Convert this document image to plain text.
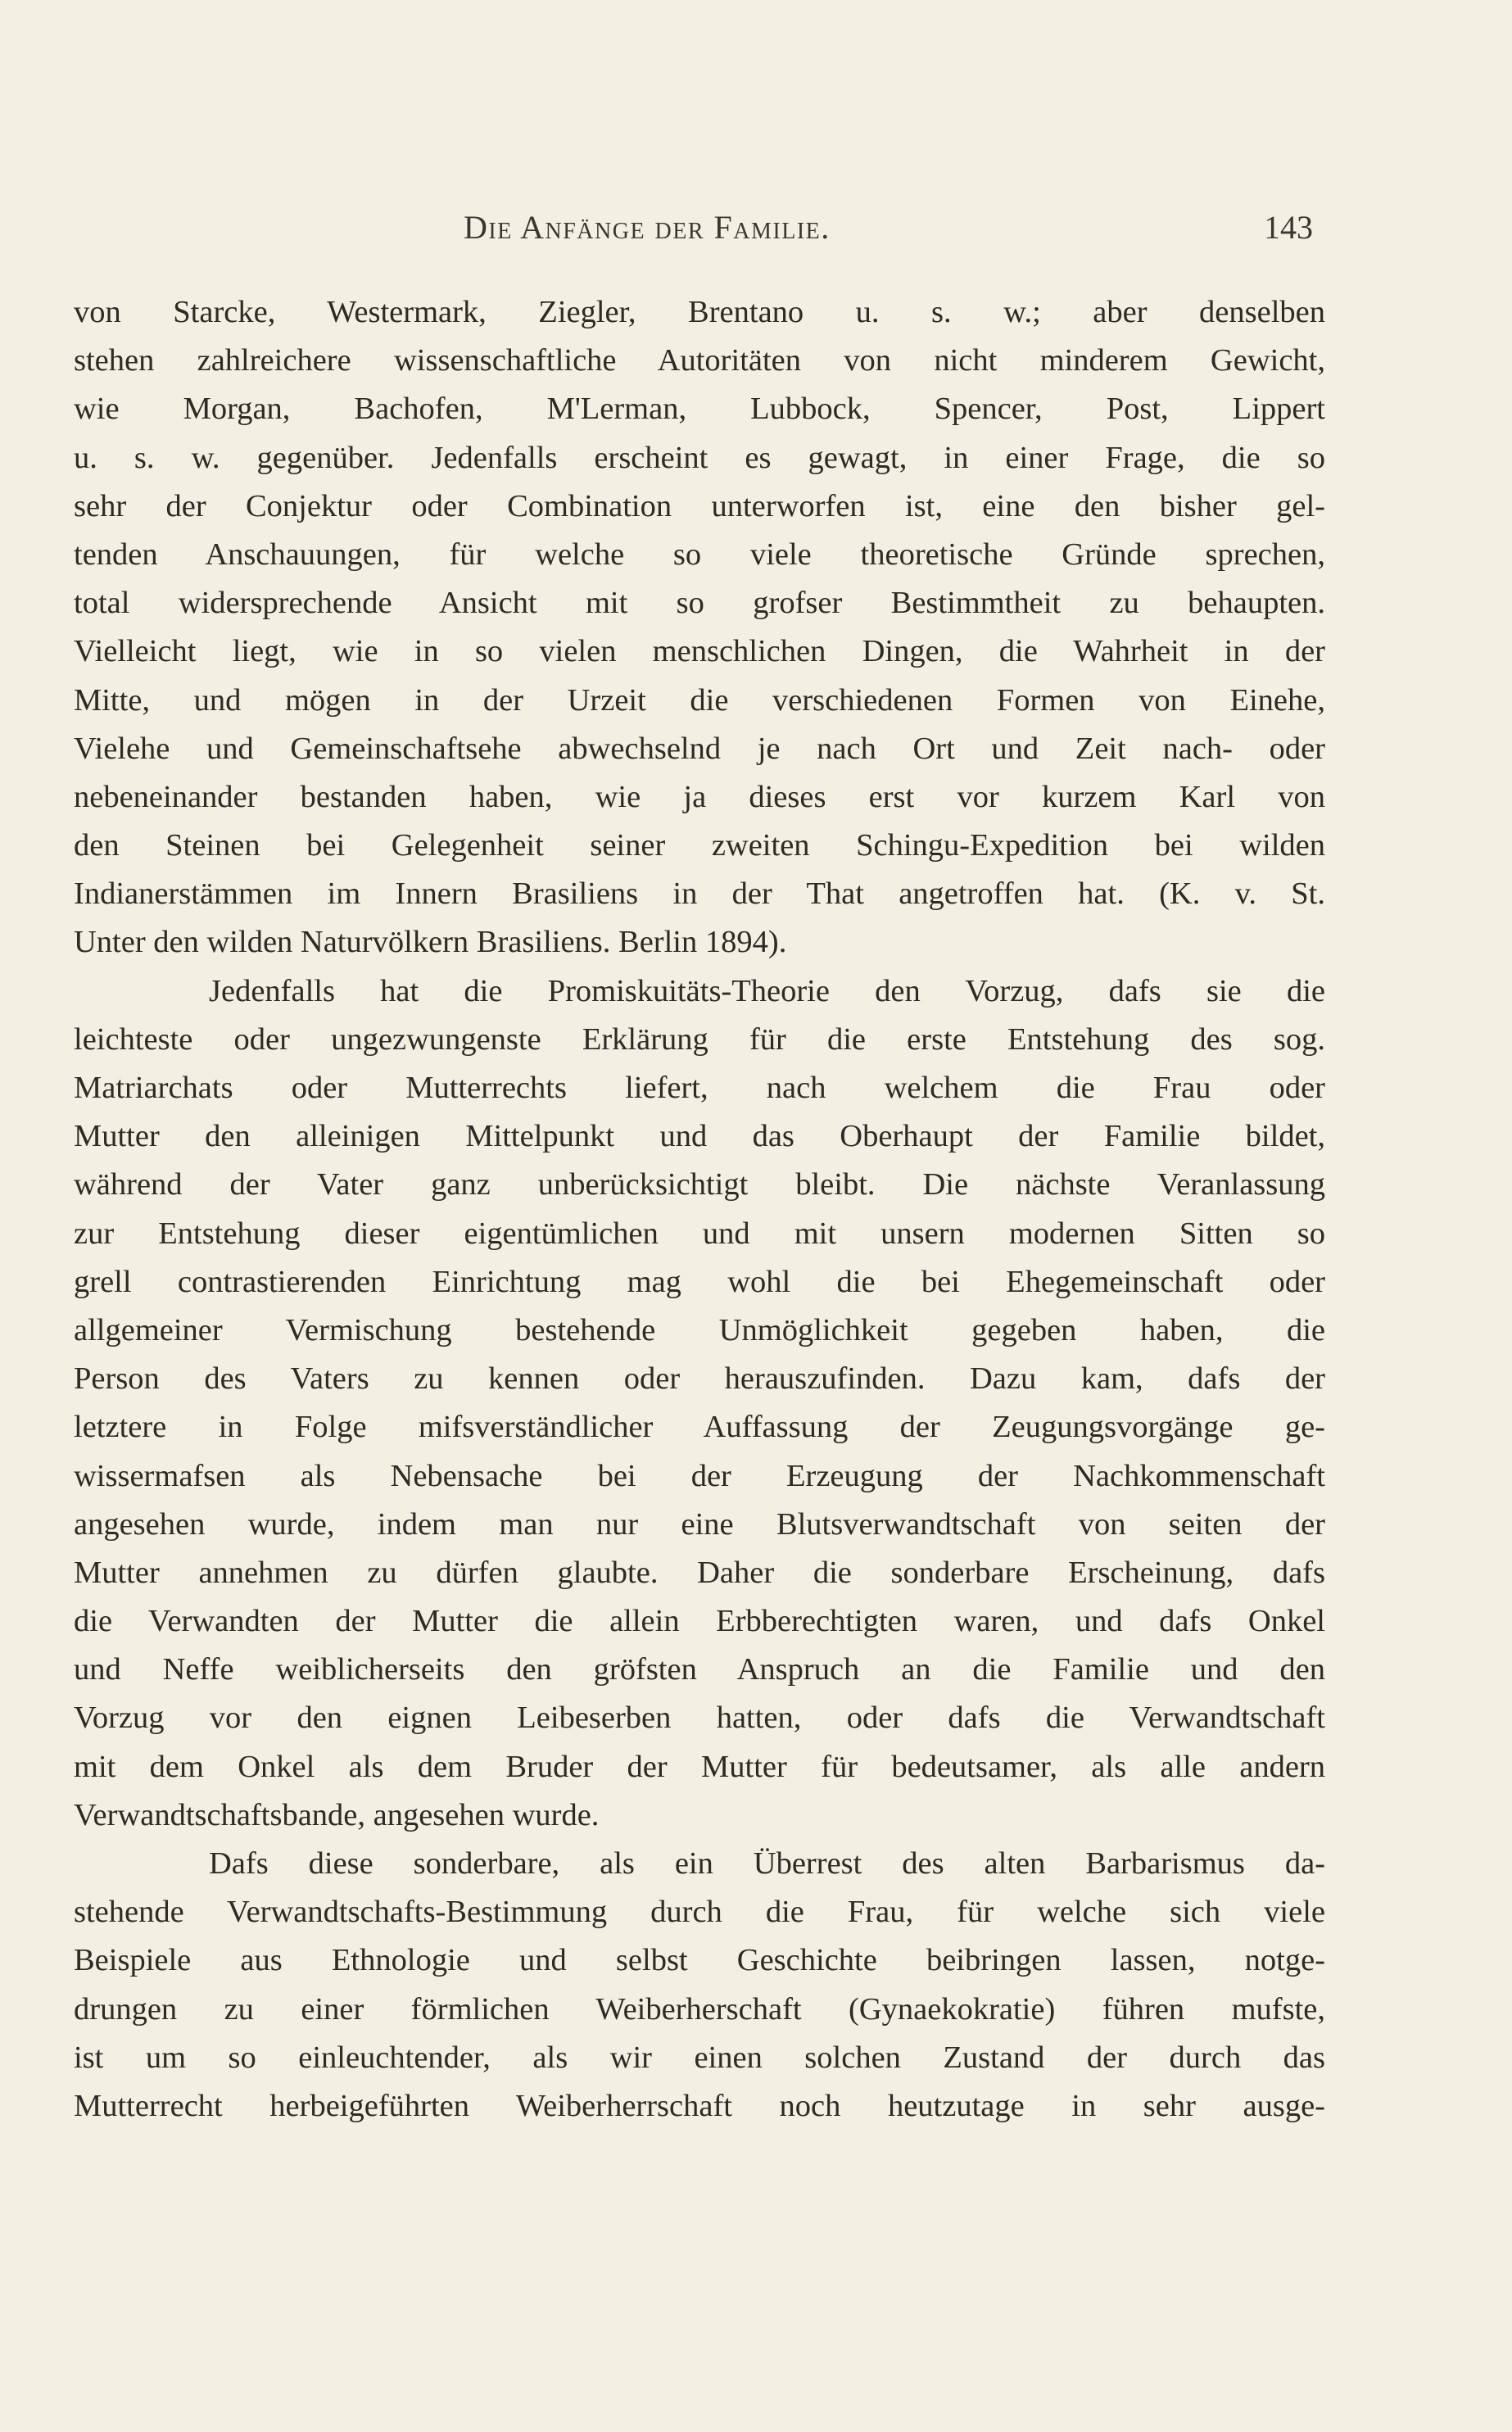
Die Anfänge der Familie.	143
von Starcke, Westermark, Ziegler, Brentano u. s. w.; aber denselben
stehen zahlreichere wissenschaftliche Autoritäten von nicht minderem Gewicht,
wie Morgan, Bachofen, M'Lerman, Lubbock, Spencer, Post, Lippert
u. s. w. gegenüber. Jedenfalls erscheint es gewagt, in einer Frage, die so
sehr der Conjektur oder Combination unterworfen ist, eine den bisher gel-
tenden Anschauungen, für welche so viele theoretische Gründe sprechen,
total widersprechende Ansicht mit so grofser Bestimmtheit zu behaupten.
Vielleicht liegt, wie in so vielen menschlichen Dingen, die Wahrheit in der
Mitte, und mögen in der Urzeit die verschiedenen Formen von Einehe,
Vielehe und Gemeinschaftsehe abwechselnd je nach Ort und Zeit nach- oder
nebeneinander bestanden haben, wie ja dieses erst vor kurzem Karl von
den Steinen bei Gelegenheit seiner zweiten Schingu-Expedition bei wilden
Indianerstämmen im Innern Brasiliens in der That angetroffen hat. (K. v. St.
Unter den wilden Naturvölkern Brasiliens. Berlin 1894).
Jedenfalls hat die Promiskuitäts-Theorie den Vorzug, dafs sie die
leichteste oder ungezwungenste Erklärung für die erste Entstehung des sog.
Matriarchats oder Mutterrechts liefert, nach welchem die Frau oder
Mutter den alleinigen Mittelpunkt und das Oberhaupt der Familie bildet,
während der Vater ganz unberücksichtigt bleibt. Die nächste Veranlassung
zur Entstehung dieser eigentümlichen und mit unsern modernen Sitten so
grell contrastierenden Einrichtung mag wohl die bei Ehegemeinschaft oder
allgemeiner Vermischung bestehende Unmöglichkeit gegeben haben, die
Person des Vaters zu kennen oder herauszufinden. Dazu kam, dafs der
letztere in Folge mifsverständlicher Auffassung der Zeugungsvorgänge ge-
wissermafsen als Nebensache bei der Erzeugung der Nachkommenschaft
angesehen wurde, indem man nur eine Blutsverwandtschaft von seiten der
Mutter annehmen zu dürfen glaubte. Daher die sonderbare Erscheinung, dafs
die Verwandten der Mutter die allein Erbberechtigten waren, und dafs Onkel
und Neffe weiblicherseits den gröfsten Anspruch an die Familie und den
Vorzug vor den eignen Leibeserben hatten, oder dafs die Verwandtschaft
mit dem Onkel als dem Bruder der Mutter für bedeutsamer, als alle andern
Verwandtschaftsbande, angesehen wurde.
Dafs diese sonderbare, als ein Überrest des alten Barbarismus da-
stehende Verwandtschafts-Bestimmung durch die Frau, für welche sich viele
Beispiele aus Ethnologie und selbst Geschichte beibringen lassen, notge-
drungen zu einer förmlichen Weiberherschaft (Gynaekokratie) führen mufste,
ist um so einleuchtender, als wir einen solchen Zustand der durch das
Mutterrecht herbeigeführten Weiberherrschaft noch heutzutage in sehr ausge-
